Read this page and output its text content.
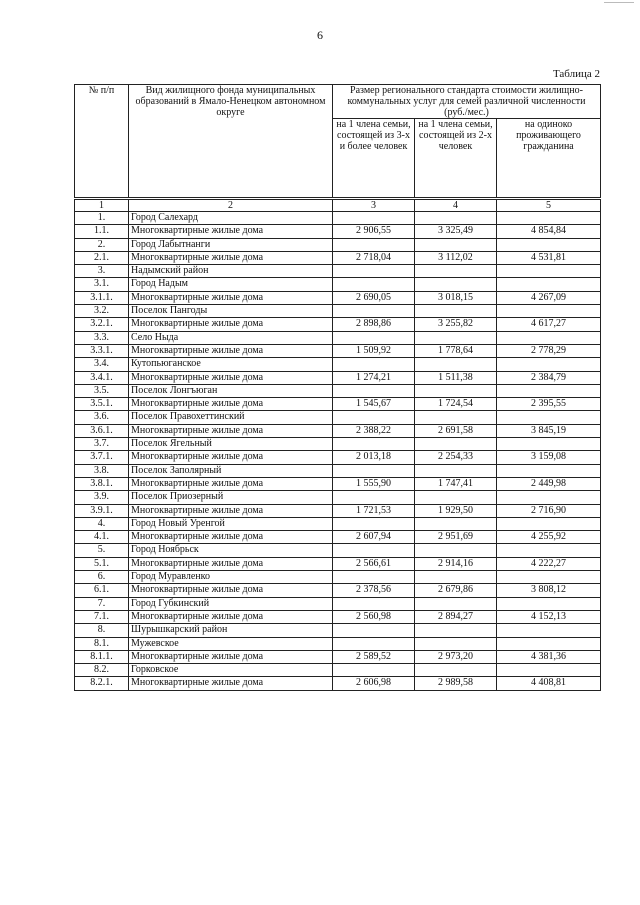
6
Таблица 2
№ п/п	Вид жилищного фонда муниципальных образований в Ямало-Ненецком автономном округе	Размер регионального стандарта стоимости жилищно-коммунальных услуг для семей различной численности (руб./мес.)		
		на 1 члена семьи, состоящей из 3-х и более человек	на 1 члена семьи, состоящей из 2-х человек	на одиноко проживающего гражданина
1	2	3	4	5
1.	Город Салехард			
1.1.	Многоквартирные жилые дома	2 906,55	3 325,49	4 854,84
2.	Город Лабытнанги			
2.1.	Многоквартирные жилые дома	2 718,04	3 112,02	4 531,81
3.	Надымский район			
3.1.	Город Надым			
3.1.1.	Многоквартирные жилые дома	2 690,05	3 018,15	4 267,09
3.2.	Поселок Пангоды			
3.2.1.	Многоквартирные жилые дома	2 898,86	3 255,82	4 617,27
3.3.	Село Ныда			
3.3.1.	Многоквартирные жилые дома	1 509,92	1 778,64	2 778,29
3.4.	Кутопьюганское			
3.4.1.	Многоквартирные жилые дома	1 274,21	1 511,38	2 384,79
3.5.	Поселок Лонгъюган			
3.5.1.	Многоквартирные жилые дома	1 545,67	1 724,54	2 395,55
3.6.	Поселок Правохеттинский			
3.6.1.	Многоквартирные жилые дома	2 388,22	2 691,58	3 845,19
3.7.	Поселок Ягельный			
3.7.1.	Многоквартирные жилые дома	2 013,18	2 254,33	3 159,08
3.8.	Поселок Заполярный			
3.8.1.	Многоквартирные жилые дома	1 555,90	1 747,41	2 449,98
3.9.	Поселок Приозерный			
3.9.1.	Многоквартирные жилые дома	1 721,53	1 929,50	2 716,90
4.	Город Новый Уренгой			
4.1.	Многоквартирные жилые дома	2 607,94	2 951,69	4 255,92
5.	Город Ноябрьск			
5.1.	Многоквартирные жилые дома	2 566,61	2 914,16	4 222,27
6.	Город Муравленко			
6.1.	Многоквартирные жилые дома	2 378,56	2 679,86	3 808,12
7.	Город Губкинский			
7.1.	Многоквартирные жилые дома	2 560,98	2 894,27	4 152,13
8.	Шурышкарский район			
8.1.	Мужевское			
8.1.1.	Многоквартирные жилые дома	2 589,52	2 973,20	4 381,36
8.2.	Горковское			
8.2.1.	Многоквартирные жилые дома	2 606,98	2 989,58	4 408,81
